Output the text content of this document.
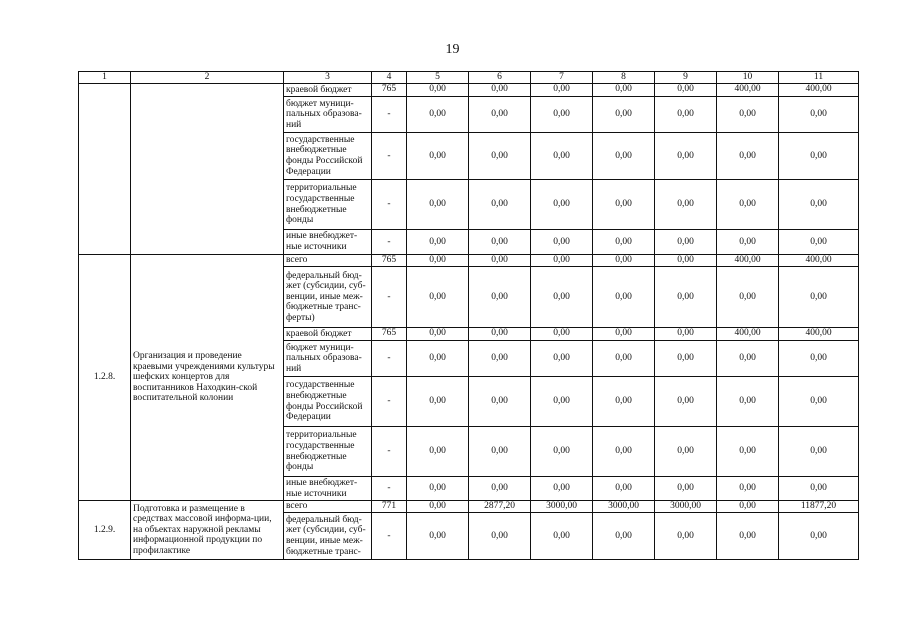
19
1	2	3	4	5	6	7	8	9	10	11
		краевой бюджет	765	0,00	0,00	0,00	0,00	0,00	400,00	400,00
		бюджет муници-пальных образова-ний	-	0,00	0,00	0,00	0,00	0,00	0,00	0,00
		государственные внебюджетные фонды Российской Федерации	-	0,00	0,00	0,00	0,00	0,00	0,00	0,00
		территориальные государственные внебюджетные фонды	-	0,00	0,00	0,00	0,00	0,00	0,00	0,00
		иные внебюджет-ные источники	-	0,00	0,00	0,00	0,00	0,00	0,00	0,00
1.2.8.	Организация и проведение краевыми учреждениями культуры шефских концертов для воспитанников Находкин-ской воспитательной колонии	всего	765	0,00	0,00	0,00	0,00	0,00	400,00	400,00
		федеральный бюд-жет (субсидии, суб-венции, иные меж-бюджетные транс-ферты)	-	0,00	0,00	0,00	0,00	0,00	0,00	0,00
		краевой бюджет	765	0,00	0,00	0,00	0,00	0,00	400,00	400,00
		бюджет муници-пальных образова-ний	-	0,00	0,00	0,00	0,00	0,00	0,00	0,00
		государственные внебюджетные фонды Российской Федерации	-	0,00	0,00	0,00	0,00	0,00	0,00	0,00
		территориальные государственные внебюджетные фонды	-	0,00	0,00	0,00	0,00	0,00	0,00	0,00
		иные внебюджет-ные источники	-	0,00	0,00	0,00	0,00	0,00	0,00	0,00
1.2.9.	Подготовка и размещение в средствах массовой информа-ции, на объектах наружной рекламы информационной продукции по профилактике	всего	771	0,00	2877,20	3000,00	3000,00	3000,00	0,00	11877,20
		федеральный бюд-жет (субсидии, суб-венции, иные меж-бюджетные транс-	-	0,00	0,00	0,00	0,00	0,00	0,00	0,00
